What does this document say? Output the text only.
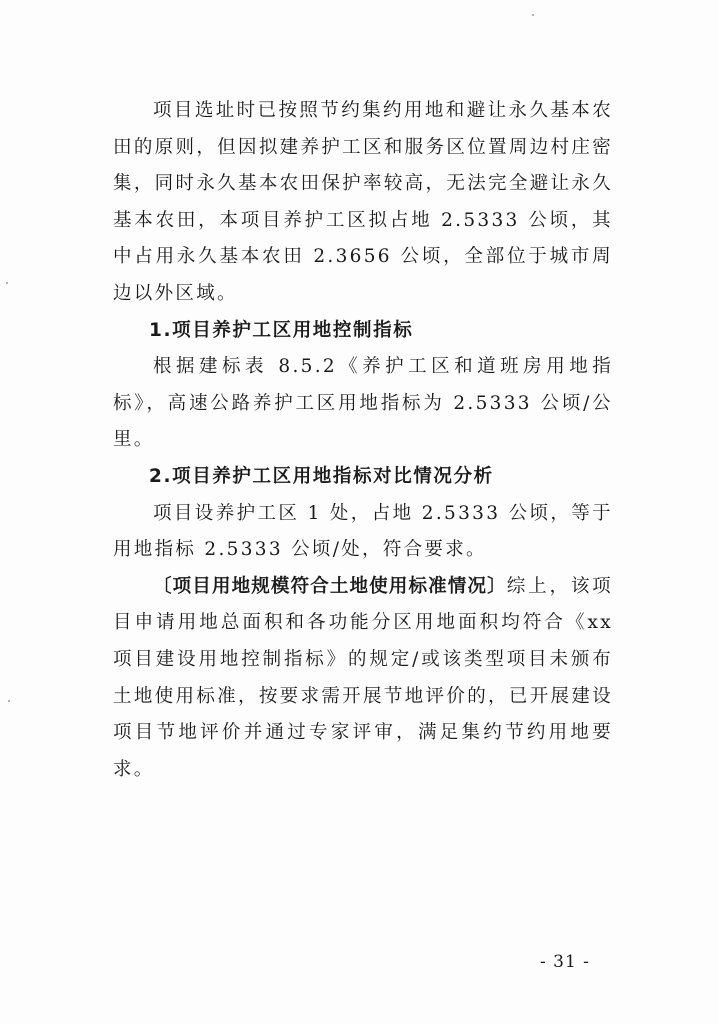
项目选址时已按照节约集约用地和避让永久基本农田的原则，但因拟建养护工区和服务区位置周边村庄密集，同时永久基本农田保护率较高，无法完全避让永久基本农田，本项目养护工区拟占地 2.5333 公顷，其中占用永久基本农田 2.3656 公顷，全部位于城市周边以外区域。

1.项目养护工区用地控制指标

根据建标表 8.5.2《养护工区和道班房用地指标》，高速公路养护工区用地指标为 2.5333 公顷/公里。

2.项目养护工区用地指标对比情况分析

项目设养护工区 1 处，占地 2.5333 公顷，等于用地指标 2.5333 公顷/处，符合要求。

〔项目用地规模符合土地使用标准情况〕综上，该项目申请用地总面积和各功能分区用地面积均符合《xx 项目建设用地控制指标》的规定/或该类型项目未颁布土地使用标准，按要求需开展节地评价的，已开展建设项目节地评价并通过专家评审，满足集约节约用地要求。

- 31 -
